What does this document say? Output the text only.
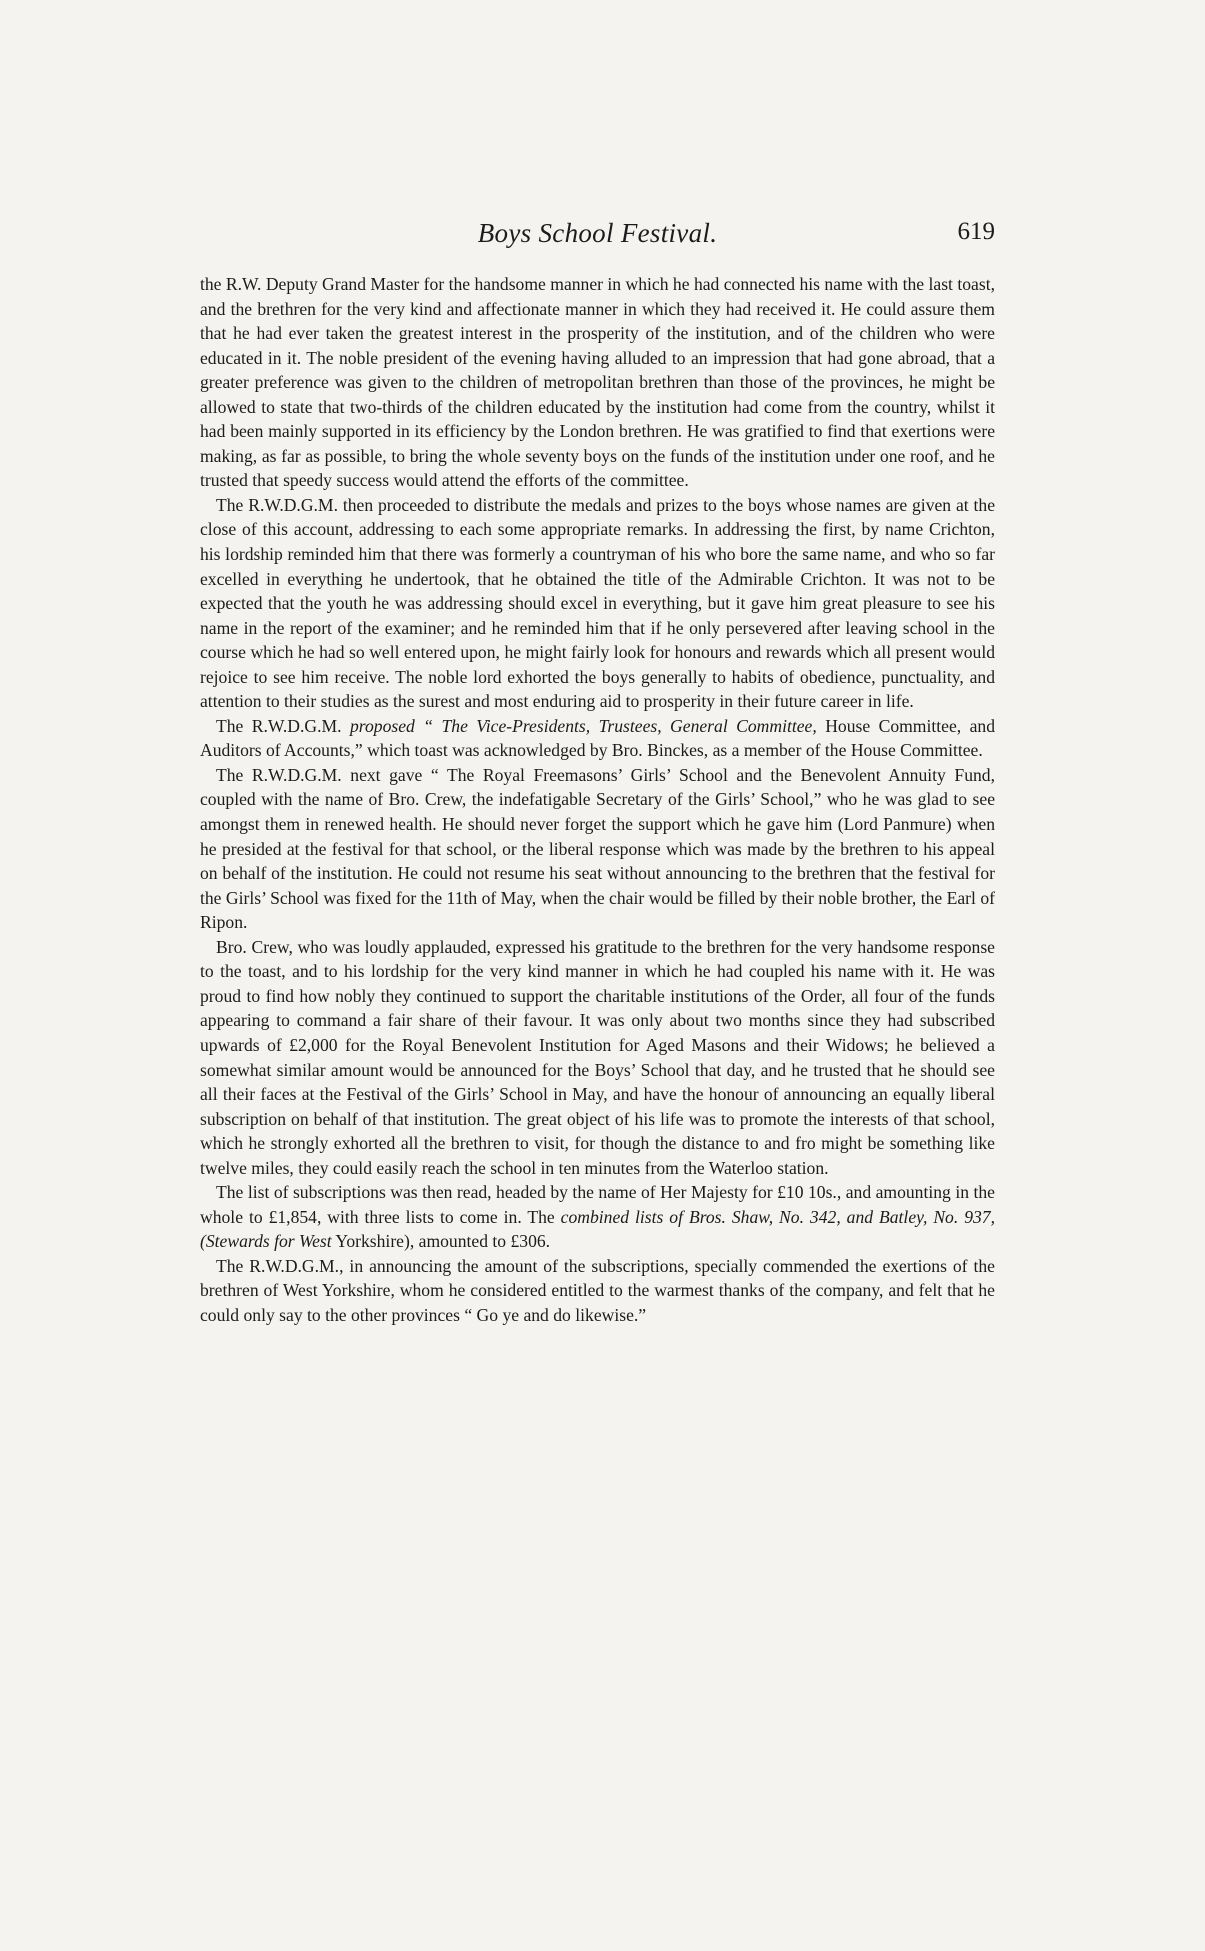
Boys School Festival.	619

the R.W. Deputy Grand Master for the handsome manner in which he had connected his name with the last toast, and the brethren for the very kind and affectionate manner in which they had received it. He could assure them that he had ever taken the greatest interest in the prosperity of the institution, and of the children who were educated in it. The noble president of the evening having alluded to an impression that had gone abroad, that a greater preference was given to the children of metropolitan brethren than those of the provinces, he might be allowed to state that two-thirds of the children educated by the institution had come from the country, whilst it had been mainly supported in its efficiency by the London brethren. He was gratified to find that exertions were making, as far as possible, to bring the whole seventy boys on the funds of the institution under one roof, and he trusted that speedy success would attend the efforts of the committee.

The R.W.D.G.M. then proceeded to distribute the medals and prizes to the boys whose names are given at the close of this account, addressing to each some appropriate remarks. In addressing the first, by name Crichton, his lordship reminded him that there was formerly a countryman of his who bore the same name, and who so far excelled in everything he undertook, that he obtained the title of the Admirable Crichton. It was not to be expected that the youth he was addressing should excel in everything, but it gave him great pleasure to see his name in the report of the examiner; and he reminded him that if he only persevered after leaving school in the course which he had so well entered upon, he might fairly look for honours and rewards which all present would rejoice to see him receive. The noble lord exhorted the boys generally to habits of obedience, punctuality, and attention to their studies as the surest and most enduring aid to prosperity in their future career in life.

The R.W.D.G.M. proposed “ The Vice-Presidents, Trustees, General Committee, House Committee, and Auditors of Accounts,” which toast was acknowledged by Bro. Binckes, as a member of the House Committee.

The R.W.D.G.M. next gave “ The Royal Freemasons’ Girls’ School and the Benevolent Annuity Fund, coupled with the name of Bro. Crew, the indefatigable Secretary of the Girls’ School,” who he was glad to see amongst them in renewed health. He should never forget the support which he gave him (Lord Panmure) when he presided at the festival for that school, or the liberal response which was made by the brethren to his appeal on behalf of the institution. He could not resume his seat without announcing to the brethren that the festival for the Girls’ School was fixed for the 11th of May, when the chair would be filled by their noble brother, the Earl of Ripon.

Bro. Crew, who was loudly applauded, expressed his gratitude to the brethren for the very handsome response to the toast, and to his lordship for the very kind manner in which he had coupled his name with it. He was proud to find how nobly they continued to support the charitable institutions of the Order, all four of the funds appearing to command a fair share of their favour. It was only about two months since they had subscribed upwards of £2,000 for the Royal Benevolent Institution for Aged Masons and their Widows; he believed a somewhat similar amount would be announced for the Boys’ School that day, and he trusted that he should see all their faces at the Festival of the Girls’ School in May, and have the honour of announcing an equally liberal subscription on behalf of that institution. The great object of his life was to promote the interests of that school, which he strongly exhorted all the brethren to visit, for though the distance to and fro might be something like twelve miles, they could easily reach the school in ten minutes from the Waterloo station.

The list of subscriptions was then read, headed by the name of Her Majesty for £10 10s., and amounting in the whole to £1,854, with three lists to come in. The combined lists of Bros. Shaw, No. 342, and Batley, No. 937, (Stewards for West Yorkshire), amounted to £306.

The R.W.D.G.M., in announcing the amount of the subscriptions, specially commended the exertions of the brethren of West Yorkshire, whom he considered entitled to the warmest thanks of the company, and felt that he could only say to the other provinces “ Go ye and do likewise.”
